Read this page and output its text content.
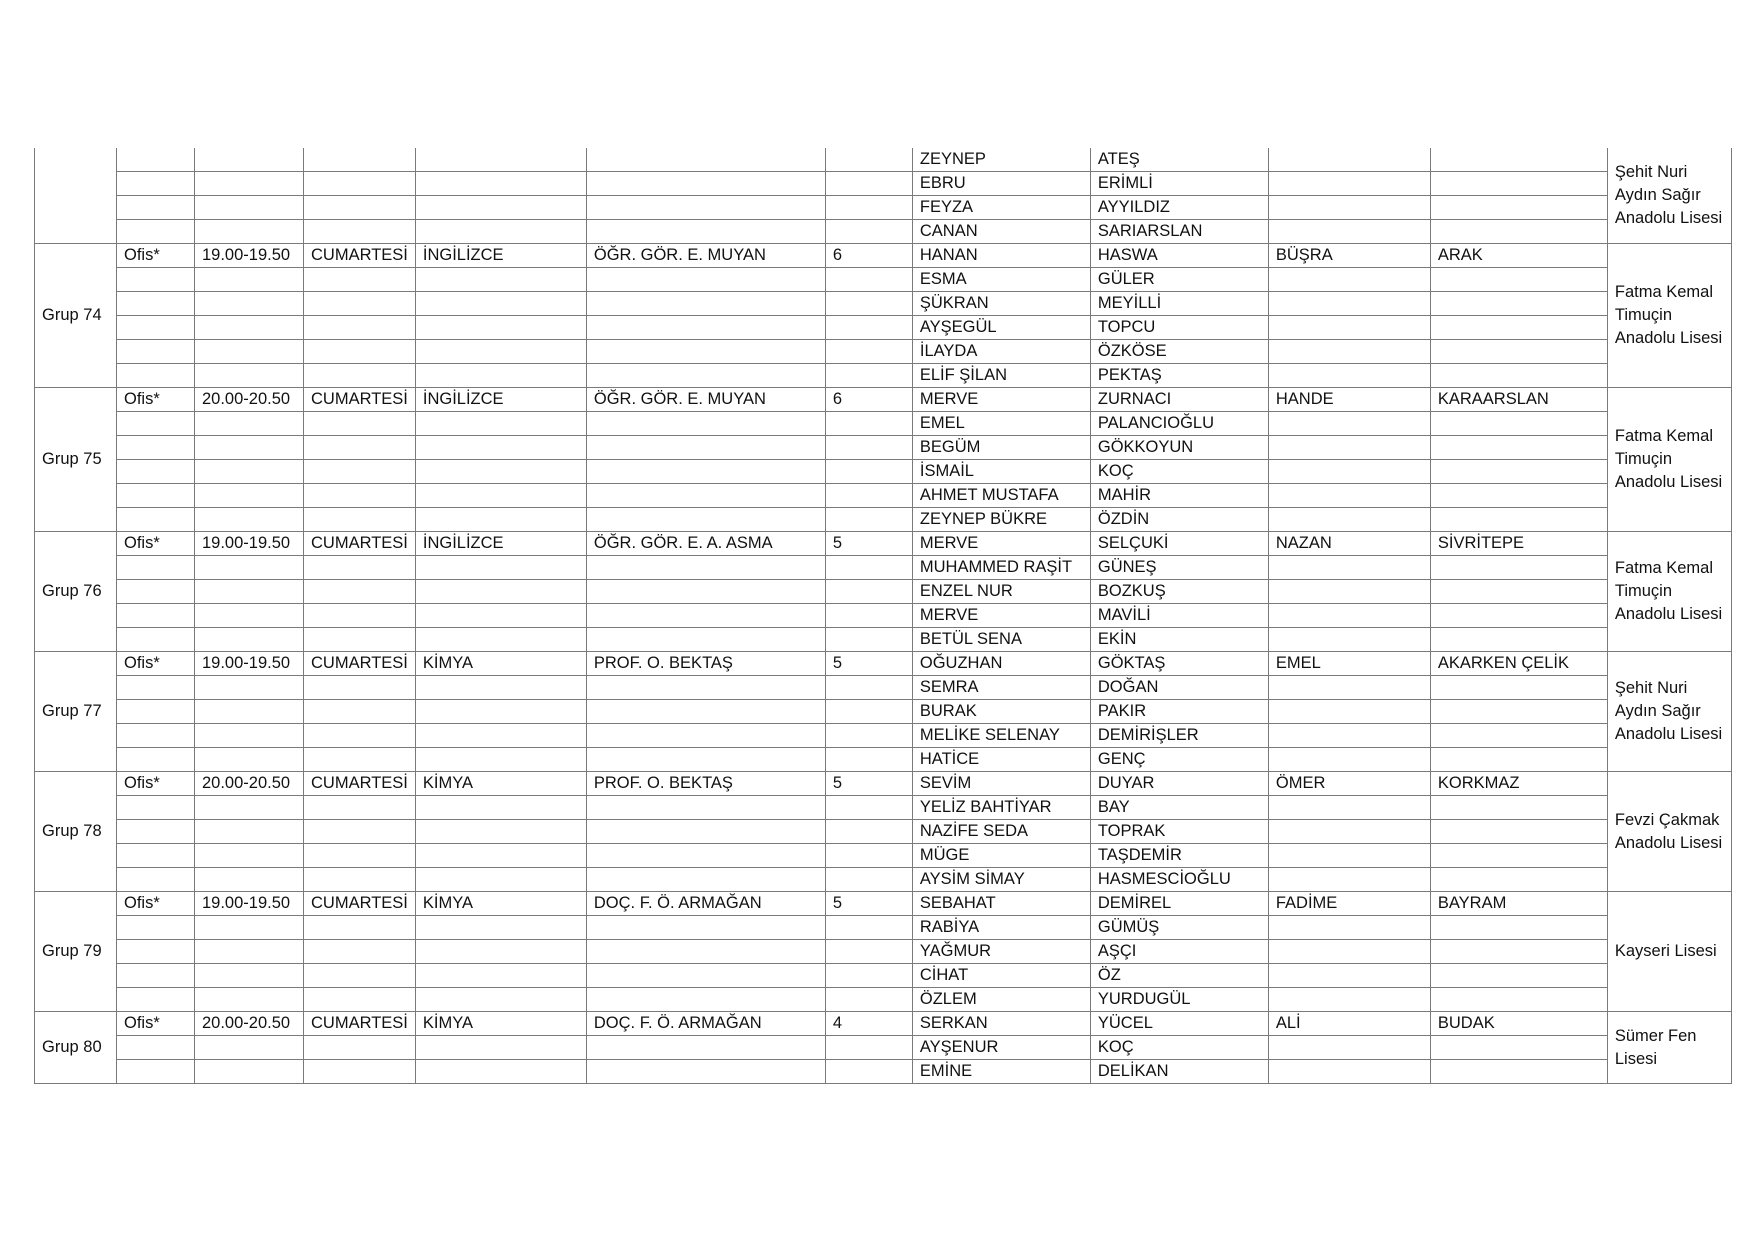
							ZEYNEP	ATEŞ			Şehit Nuri Aydın Sağır Anadolu Lisesi
							EBRU	ERİMLİ			
							FEYZA	AYYILDIZ			
							CANAN	SARIARSLAN			
Grup 74	Ofis*	19.00-19.50	CUMARTESİ	İNGİLİZCE	ÖĞR. GÖR. E. MUYAN	6	HANAN	HASWA	BÜŞRA	ARAK	Fatma Kemal Timuçin Anadolu Lisesi
							ESMA	GÜLER			
							ŞÜKRAN	MEYİLLİ			
							AYŞEGÜL	TOPCU			
							İLAYDA	ÖZKÖSE			
							ELİF ŞİLAN	PEKTAŞ			
Grup 75	Ofis*	20.00-20.50	CUMARTESİ	İNGİLİZCE	ÖĞR. GÖR. E. MUYAN	6	MERVE	ZURNACI	HANDE	KARAARSLAN	Fatma Kemal Timuçin Anadolu Lisesi
							EMEL	PALANCIOĞLU			
							BEGÜM	GÖKKOYUN			
							İSMAİL	KOÇ			
							AHMET MUSTAFA	MAHİR			
							ZEYNEP BÜKRE	ÖZDİN			
Grup 76	Ofis*	19.00-19.50	CUMARTESİ	İNGİLİZCE	ÖĞR. GÖR. E. A. ASMA	5	MERVE	SELÇUKİ	NAZAN	SİVRİTEPE	Fatma Kemal Timuçin Anadolu Lisesi
							MUHAMMED RAŞİT	GÜNEŞ			
							ENZEL NUR	BOZKUŞ			
							MERVE	MAVİLİ			
							BETÜL SENA	EKİN			
Grup 77	Ofis*	19.00-19.50	CUMARTESİ	KİMYA	PROF. O. BEKTAŞ	5	OĞUZHAN	GÖKTAŞ	EMEL	AKARKEN ÇELİK	Şehit Nuri Aydın Sağır Anadolu Lisesi
							SEMRA	DOĞAN			
							BURAK	PAKIR			
							MELİKE SELENAY	DEMİRİŞLER			
							HATİCE	GENÇ			
Grup 78	Ofis*	20.00-20.50	CUMARTESİ	KİMYA	PROF. O. BEKTAŞ	5	SEVİM	DUYAR	ÖMER	KORKMAZ	Fevzi Çakmak Anadolu Lisesi
							YELİZ BAHTİYAR	BAY			
							NAZİFE SEDA	TOPRAK			
							MÜGE	TAŞDEMİR			
							AYSİM SİMAY	HASMESCİOĞLU			
Grup 79	Ofis*	19.00-19.50	CUMARTESİ	KİMYA	DOÇ. F. Ö. ARMAĞAN	5	SEBAHAT	DEMİREL	FADİME	BAYRAM	Kayseri Lisesi
							RABİYA	GÜMÜŞ			
							YAĞMUR	AŞÇI			
							CİHAT	ÖZ			
							ÖZLEM	YURDUGÜL			
Grup 80	Ofis*	20.00-20.50	CUMARTESİ	KİMYA	DOÇ. F. Ö. ARMAĞAN	4	SERKAN	YÜCEL	ALİ	BUDAK	Sümer Fen Lisesi
							AYŞENUR	KOÇ			
							EMİNE	DELİKAN			
